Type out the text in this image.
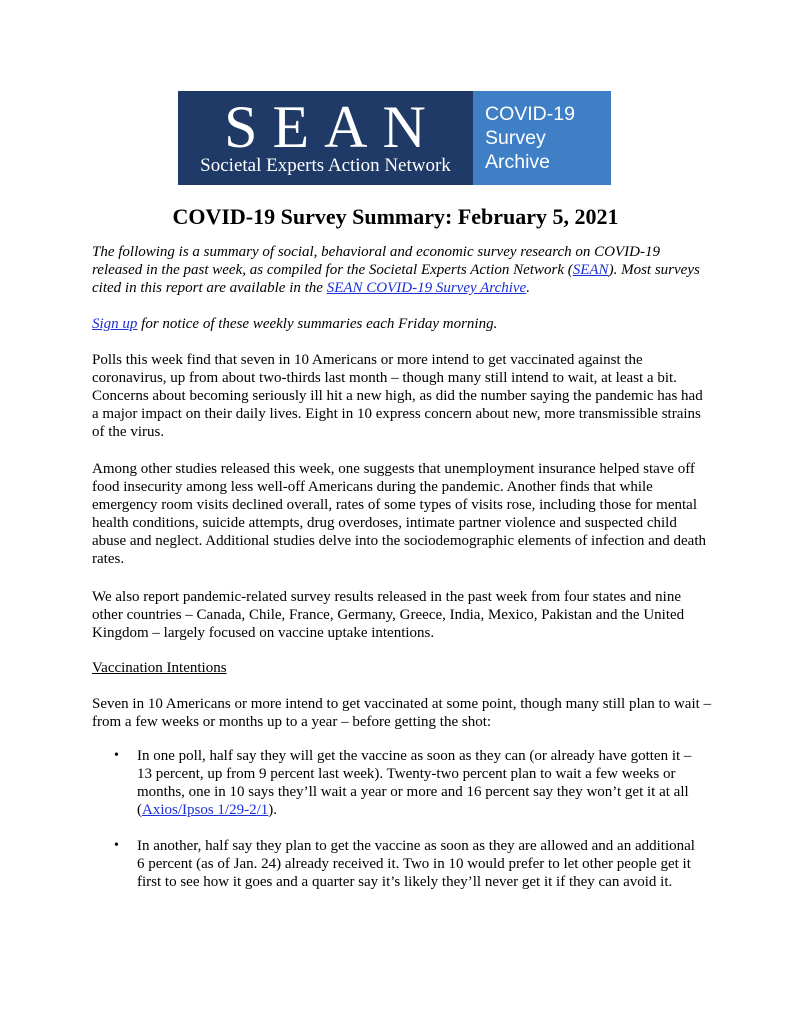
SEAN
Societal Experts Action Network
COVID-19
Survey
Archive
COVID-19 Survey Summary: February 5, 2021
The following is a summary of social, behavioral and economic survey research on COVID-19 released in the past week, as compiled for the Societal Experts Action Network (SEAN). Most surveys cited in this report are available in the SEAN COVID-19 Survey Archive.
Sign up for notice of these weekly summaries each Friday morning.
Polls this week find that seven in 10 Americans or more intend to get vaccinated against the coronavirus, up from about two-thirds last month – though many still intend to wait, at least a bit. Concerns about becoming seriously ill hit a new high, as did the number saying the pandemic has had a major impact on their daily lives. Eight in 10 express concern about new, more transmissible strains of the virus.
Among other studies released this week, one suggests that unemployment insurance helped stave off food insecurity among less well-off Americans during the pandemic. Another finds that while emergency room visits declined overall, rates of some types of visits rose, including those for mental health conditions, suicide attempts, drug overdoses, intimate partner violence and suspected child abuse and neglect. Additional studies delve into the sociodemographic elements of infection and death rates.
We also report pandemic-related survey results released in the past week from four states and nine other countries – Canada, Chile, France, Germany, Greece, India, Mexico, Pakistan and the United Kingdom – largely focused on vaccine uptake intentions.
Vaccination Intentions
Seven in 10 Americans or more intend to get vaccinated at some point, though many still plan to wait – from a few weeks or months up to a year – before getting the shot:
• In one poll, half say they will get the vaccine as soon as they can (or already have gotten it – 13 percent, up from 9 percent last week). Twenty-two percent plan to wait a few weeks or months, one in 10 says they’ll wait a year or more and 16 percent say they won’t get it at all (Axios/Ipsos 1/29-2/1).
• In another, half say they plan to get the vaccine as soon as they are allowed and an additional 6 percent (as of Jan. 24) already received it. Two in 10 would prefer to let other people get it first to see how it goes and a quarter say it’s likely they’ll never get it if they can avoid it.
